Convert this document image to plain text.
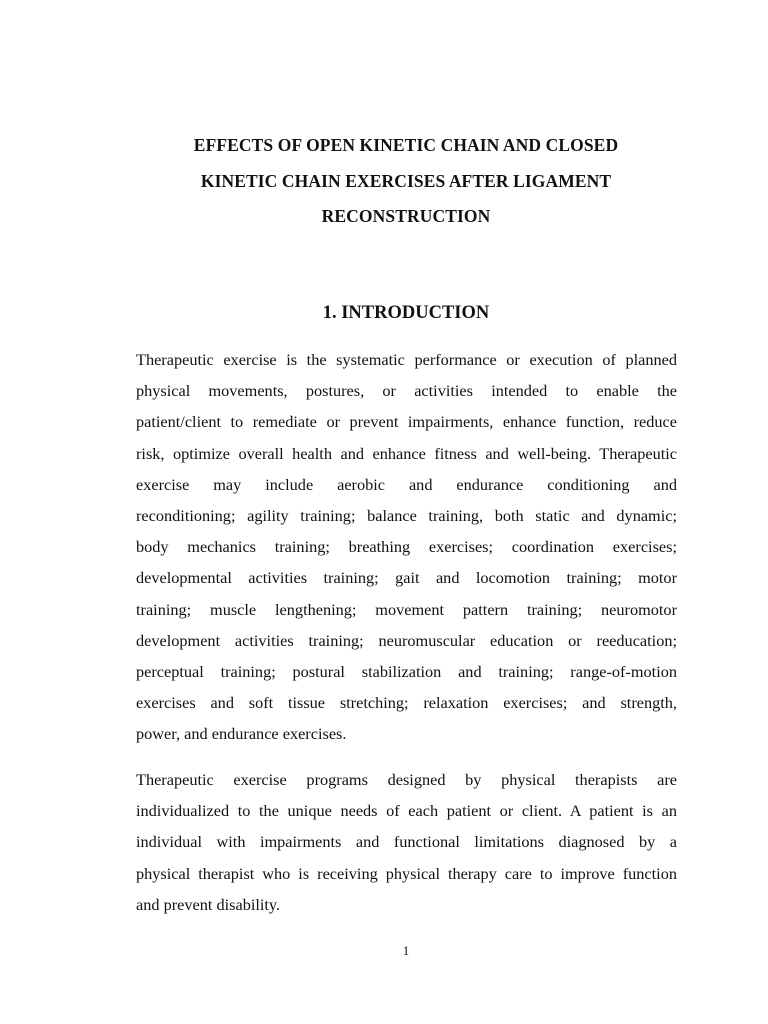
EFFECTS OF OPEN KINETIC CHAIN AND CLOSED
KINETIC CHAIN EXERCISES AFTER LIGAMENT
RECONSTRUCTION
1. INTRODUCTION
Therapeutic exercise is the systematic performance or execution of planned
physical movements, postures, or activities intended to enable the
patient/client to remediate or prevent impairments, enhance function, reduce
risk, optimize overall health and enhance fitness and well-being. Therapeutic
exercise may include aerobic and endurance conditioning and
reconditioning; agility training; balance training, both static and dynamic;
body mechanics training; breathing exercises; coordination exercises;
developmental activities training; gait and locomotion training; motor
training; muscle lengthening; movement pattern training; neuromotor
development activities training; neuromuscular education or reeducation;
perceptual training; postural stabilization and training; range-of-motion
exercises and soft tissue stretching; relaxation exercises; and strength,
power, and endurance exercises.
Therapeutic exercise programs designed by physical therapists are
individualized to the unique needs of each patient or client. A patient is an
individual with impairments and functional limitations diagnosed by a
physical therapist who is receiving physical therapy care to improve function
and prevent disability.
1
